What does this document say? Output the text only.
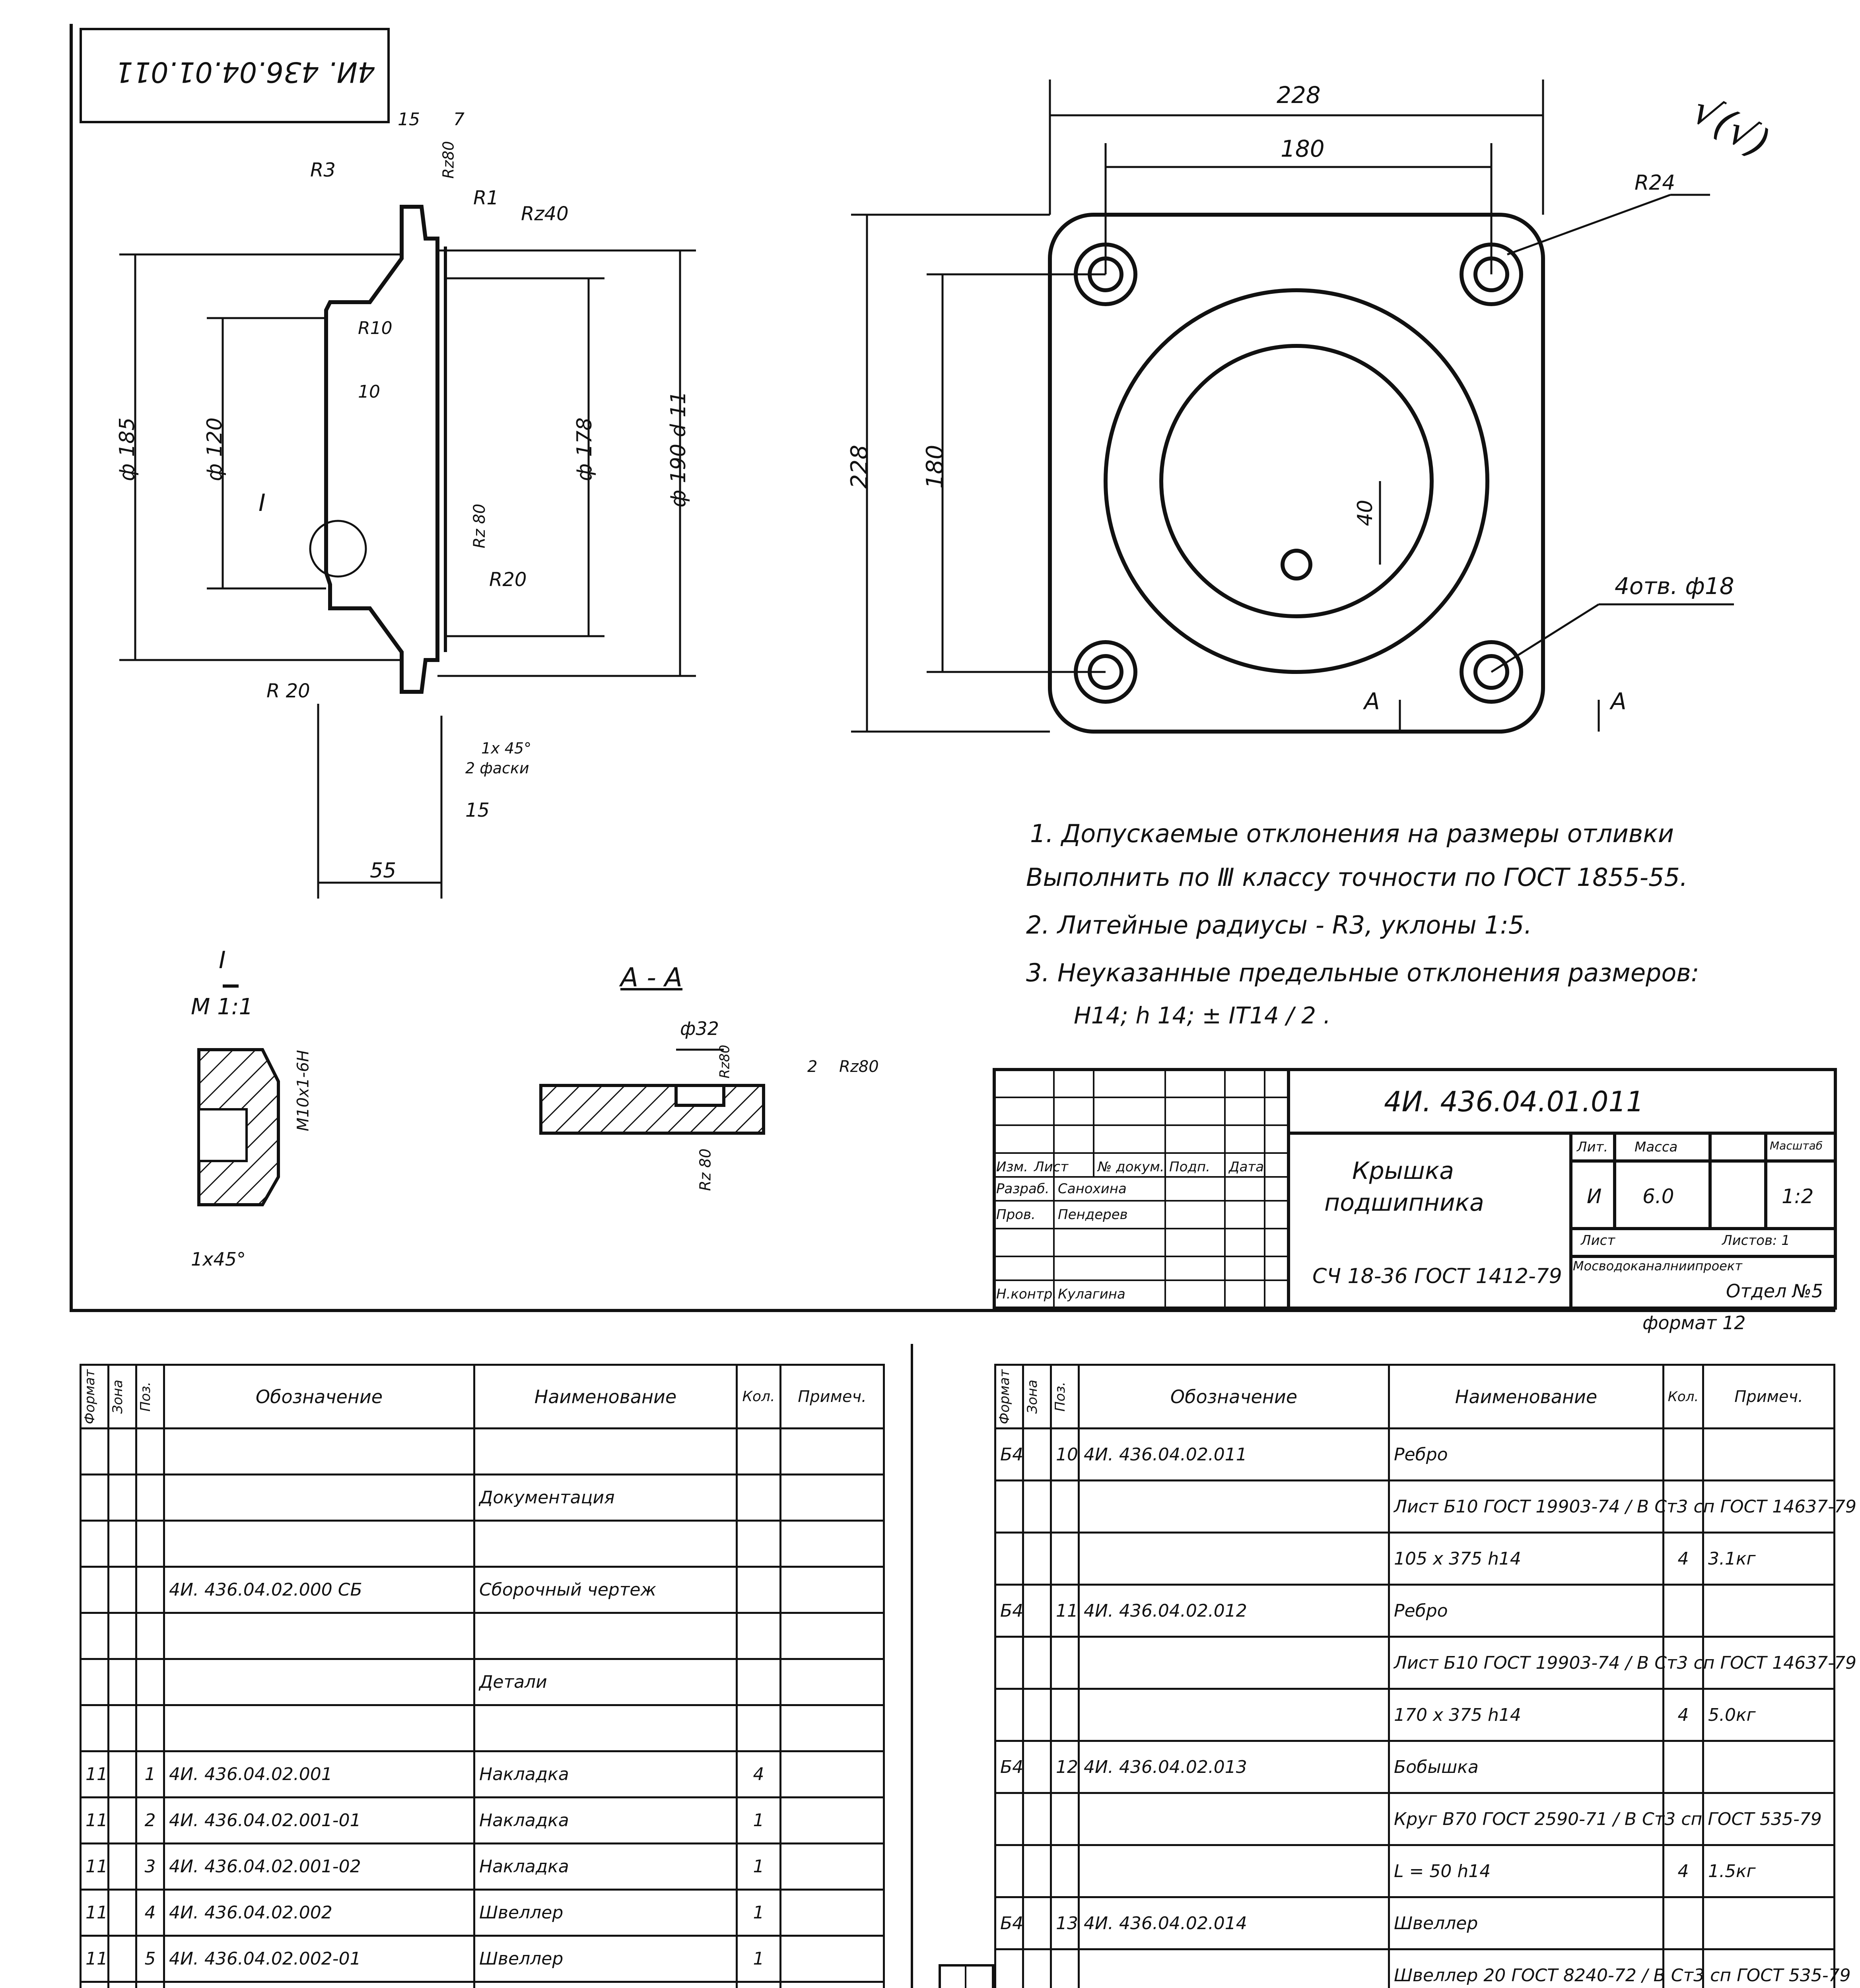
4И. 436.04.01.011
√(√)
228
180
R24
228 180
40
4отв. ф18
А	А
15 7
Rz80
R3
R1
Rz40
R10
10
ф 185	ф 120	ф 178	ф 190 d 11
Rz 80
R20
R 20
I
1х 45°
2 фаски
15
55
1. Допускаемые отклонения на размеры отливки
Выполнить по Ⅲ классу точности по ГОСТ 1855-55.
2. Литейные радиусы - R3, уклоны 1:5.
3. Неуказанные предельные отклонения размеров:
Н14; h 14; ± IT14 / 2 .
I
М 1:1
М10х1-6Н
1х45°
А - А
ф32
Rz80	2 Rz80
Rz 80
4И. 436.04.01.011
Крышка
подшипника
СЧ 18-36 ГОСТ 1412-79
Изм. Лист № докум. Подп. Дата
Разраб. Санохина
Пров. Пендерев
Н.контр. Кулагина
Лит. Масса	Масштаб
И 6.0	1:2
Лист	Листов: 1
Мосводоканалниипроект
Отдел №5
формат 12
Формат	Зона	Поз.	Обозначение	Наименование	Кол.	Примеч.

				Документация		

			4И. 436.04.02.000 СБ	Сборочный чертеж		

				Детали		

11		1	4И. 436.04.02.001	Накладка	4	
11		2	4И. 436.04.02.001-01	Накладка	1	
11		3	4И. 436.04.02.001-02	Накладка	1	
11		4	4И. 436.04.02.002	Швеллер	1	
11		5	4И. 436.04.02.002-01	Швеллер	1	

Формат	Зона	Поз.	Обозначение	Наименование	Кол.	Примеч.
Б4		10	4И. 436.04.02.011	Ребро		
				Лист Б10 ГОСТ 19903-74 / В Ст3 сп ГОСТ 14637-79		
				105 х 375 h14	4	3.1кг
Б4		11	4И. 436.04.02.012	Ребро		
				Лист Б10 ГОСТ 19903-74 / В Ст3 сп ГОСТ 14637-79		
				170 х 375 h14	4	5.0кг
Б4		12	4И. 436.04.02.013	Бобышка		
				Круг В70 ГОСТ 2590-71 / В Ст3 сп ГОСТ 535-79		
				L = 50 h14	4	1.5кг
Б4		13	4И. 436.04.02.014	Швеллер		
				Швеллер 20 ГОСТ 8240-72 / В Ст3 сп ГОСТ 535-79		
